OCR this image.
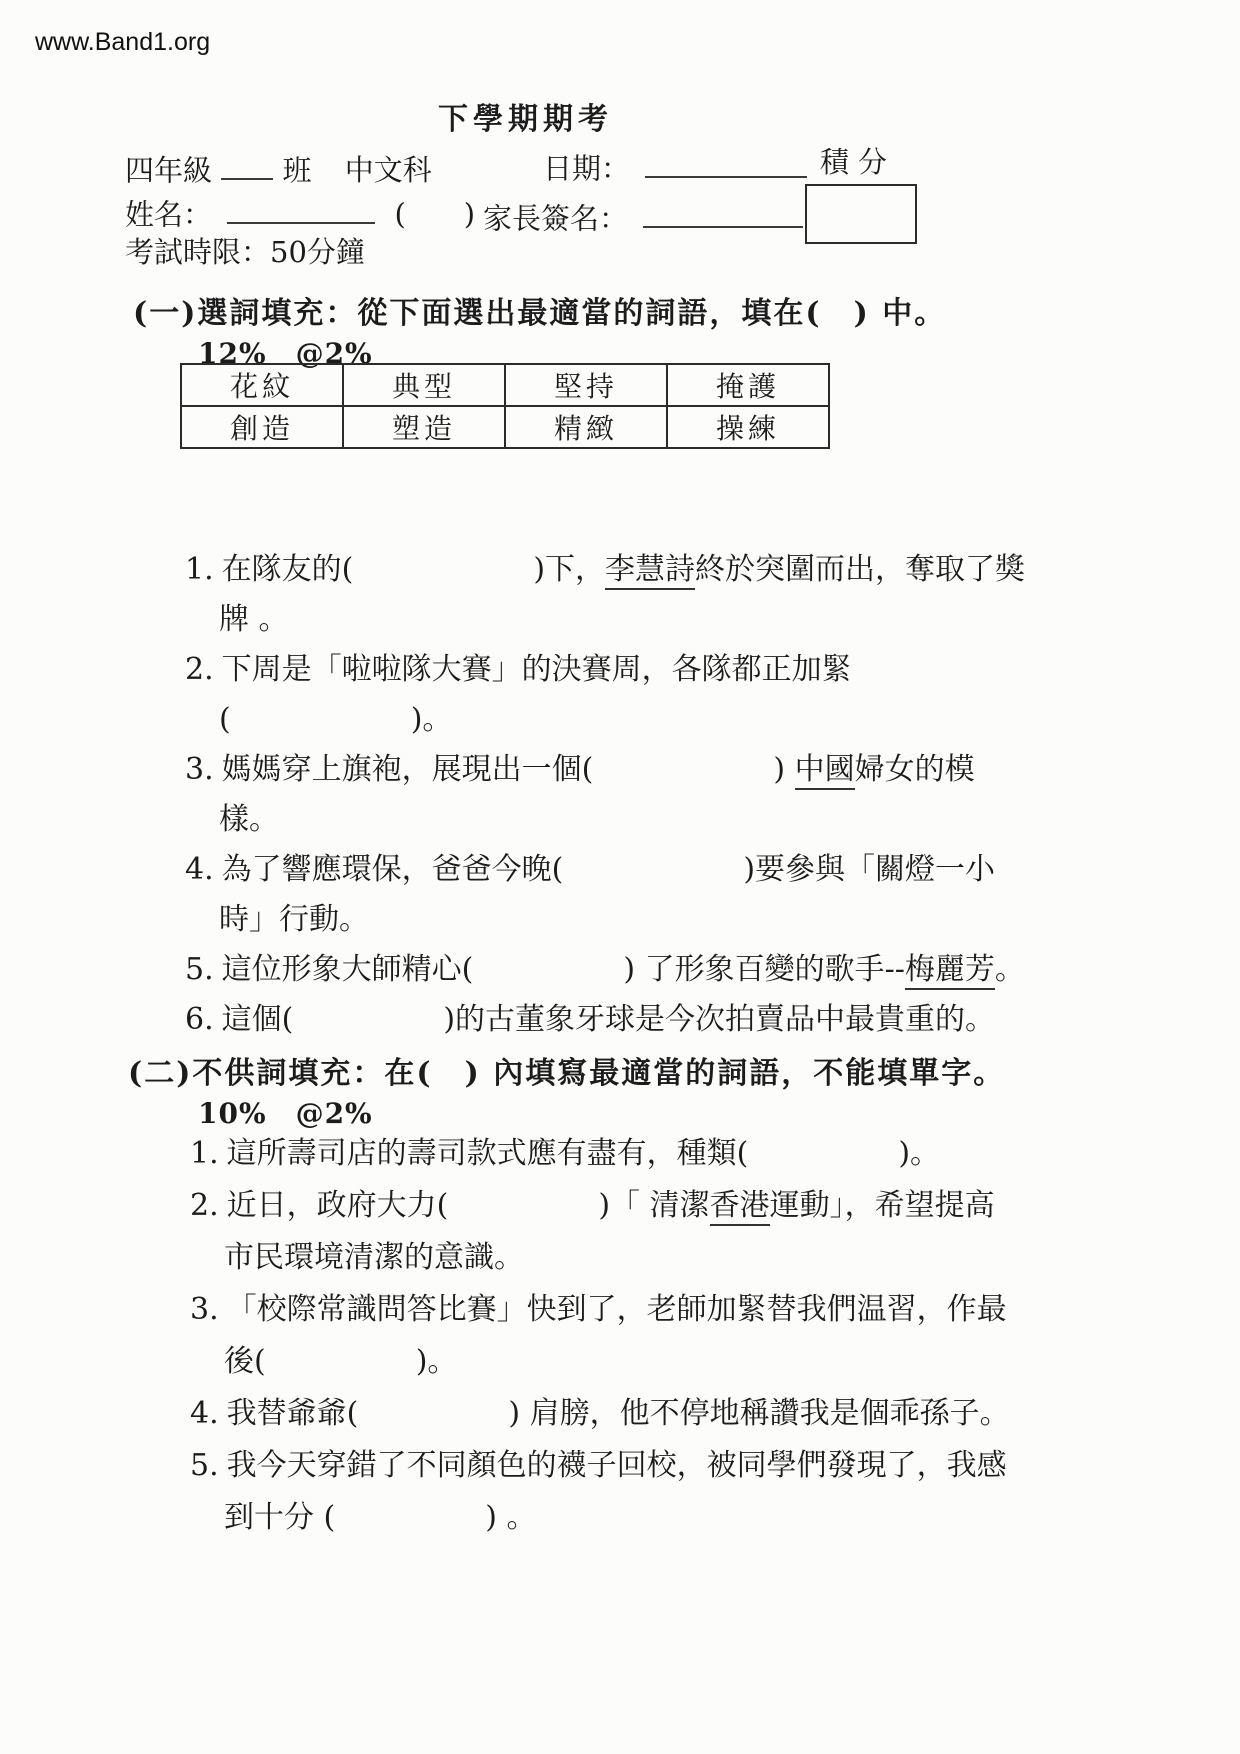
www.Band1.org
下學期期考
四年級 班 中文科	日期：	積分
姓名：	(　　) 家長簽名：
考試時限：50分鐘
(一)選詞填充：從下面選出最適當的詞語，填在(　) 中。
12%　@2%
花紋	典型	堅持	掩護
創造	塑造	精緻	操練
1. 在隊友的(　　　　　　)下，李慧詩終於突圍而出，奪取了獎
牌 。
2. 下周是「啦啦隊大賽」的決賽周，各隊都正加緊
(　　　　　　)。
3. 媽媽穿上旗袍，展現出一個(　　　　　　) 中國婦女的模
樣。
4. 為了響應環保，爸爸今晚(　　　　　　)要參與「關燈一小
時」行動。
5. 這位形象大師精心(　　　　　) 了形象百變的歌手--梅麗芳。
6. 這個(　　　　　)的古董象牙球是今次拍賣品中最貴重的。
(二)不供詞填充：在(　) 內填寫最適當的詞語，不能填單字。
10%　@2%
1. 這所壽司店的壽司款式應有盡有，種類(　　　　　)。
2. 近日，政府大力(　　　　　)「 清潔香港運動」，希望提高
市民環境清潔的意識。
3. 「校際常識問答比賽」快到了，老師加緊替我們温習，作最
後(　　　　　)。
4. 我替爺爺(　　　　　) 肩膀，他不停地稱讚我是個乖孫子。
5. 我今天穿錯了不同顏色的襪子回校，被同學們發現了，我感
到十分 (　　　　　) 。
